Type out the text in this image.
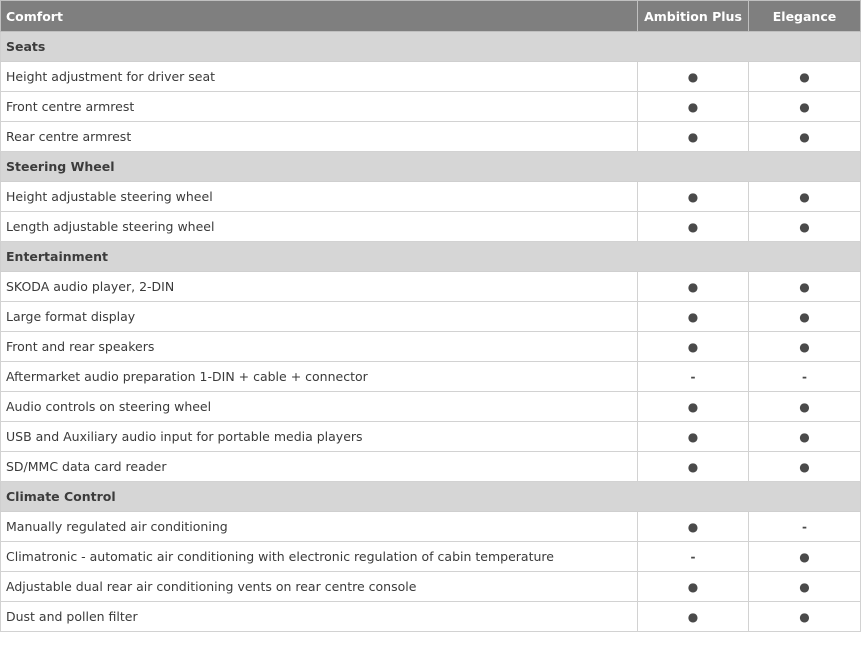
Comfort	Ambition Plus	Elegance
Seats		
Height adjustment for driver seat	●	●
Front centre armrest	●	●
Rear centre armrest	●	●
Steering Wheel		
Height adjustable steering wheel	●	●
Length adjustable steering wheel	●	●
Entertainment		
SKODA audio player, 2-DIN	●	●
Large format display	●	●
Front and rear speakers	●	●
Aftermarket audio preparation 1-DIN + cable + connector	-	-
Audio controls on steering wheel	●	●
USB and Auxiliary audio input for portable media players	●	●
SD/MMC data card reader	●	●
Climate Control		
Manually regulated air conditioning	●	-
Climatronic - automatic air conditioning with electronic regulation of cabin temperature	-	●
Adjustable dual rear air conditioning vents on rear centre console	●	●
Dust and pollen filter	●	●
